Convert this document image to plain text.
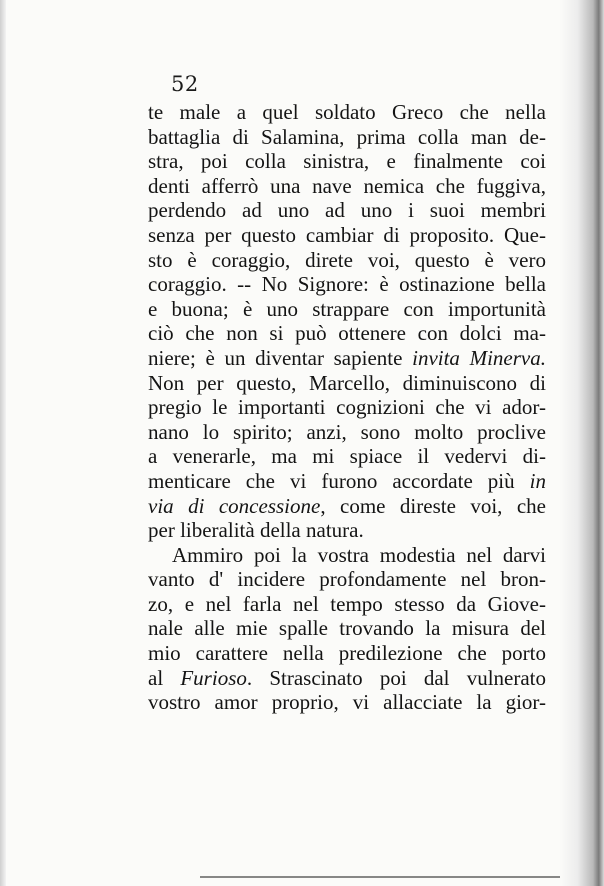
52
te male a quel soldato Greco che nella
battaglia di Salamina, prima colla man de-
stra, poi colla sinistra, e finalmente coi
denti afferrò una nave nemica che fuggiva,
perdendo ad uno ad uno i suoi membri
senza per questo cambiar di proposito. Que-
sto è coraggio, direte voi, questo è vero
coraggio. -- No Signore: è ostinazione bella
e buona; è uno strappare con importunità
ciò che non si può ottenere con dolci ma-
niere; è un diventar sapiente invita Minerva.
Non per questo, Marcello, diminuiscono di
pregio le importanti cognizioni che vi ador-
nano lo spirito; anzi, sono molto proclive
a venerarle, ma mi spiace il vedervi di-
menticare che vi furono accordate più in
via di concessione, come direste voi, che
per liberalità della natura.
Ammiro poi la vostra modestia nel darvi
vanto d' incidere profondamente nel bron-
zo, e nel farla nel tempo stesso da Giove-
nale alle mie spalle trovando la misura del
mio carattere nella predilezione che porto
al Furioso. Strascinato poi dal vulnerato
vostro amor proprio, vi allacciate la gior-
